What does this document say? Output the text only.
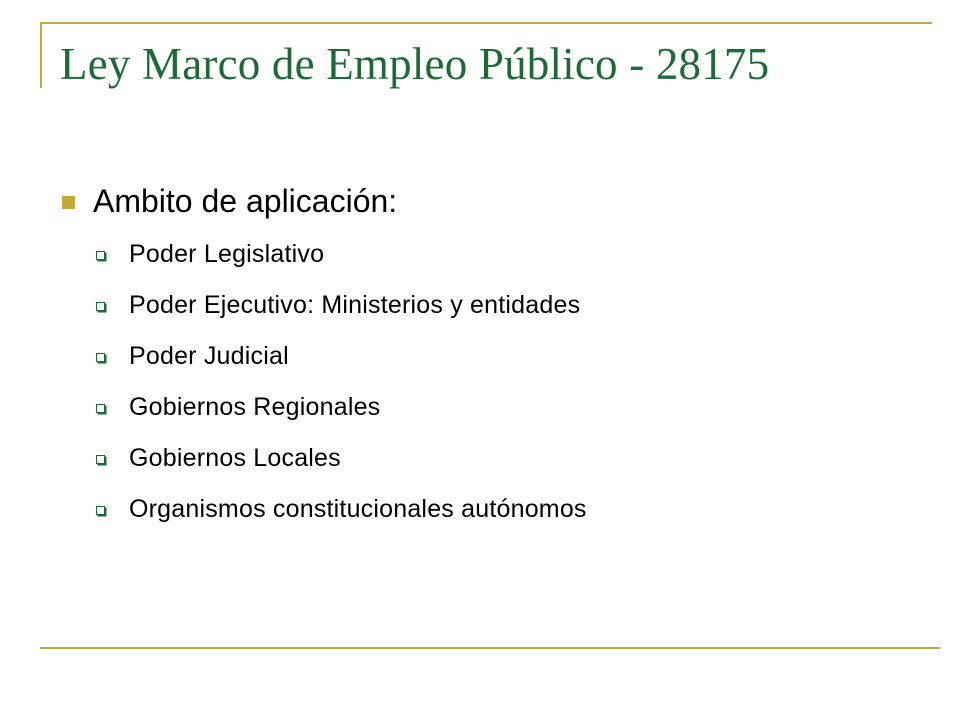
Ley Marco de Empleo Público - 28175
Ambito de aplicación:
Poder Legislativo
Poder Ejecutivo: Ministerios y entidades
Poder Judicial
Gobiernos Regionales
Gobiernos Locales
Organismos constitucionales autónomos
